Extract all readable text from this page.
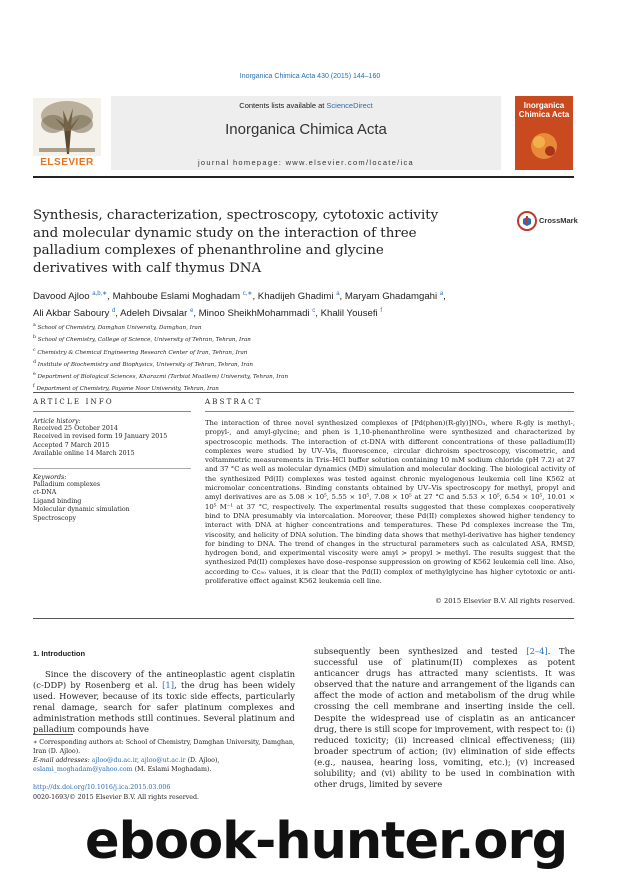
Inorganica Chimica Acta 430 (2015) 144–160
ELSEVIER
Contents lists available at ScienceDirect
Inorganica Chimica Acta
journal homepage: www.elsevier.com/locate/ica
Inorganica Chimica Acta
Synthesis, characterization, spectroscopy, cytotoxic activity and molecular dynamic study on the interaction of three palladium complexes of phenanthroline and glycine derivatives with calf thymus DNA
CrossMark
Davood Ajloo $^{a,b,∗}$, Mahboube Eslami Moghadam $^{c,∗}$, Khadijeh Ghadimi $^a$, Maryam Ghadamgahi $^a$,
Ali Akbar Saboury $^d$, Adeleh Divsalar $^e$, Minoo SheikhMohammadi $^c$, Khalil Yousefi $^f$
$^a$ School of Chemistry, Damghan University, Damghan, Iran
$^b$ School of Chemistry, College of Science, University of Tehran, Tehran, Iran
$^c$ Chemistry & Chemical Engineering Research Center of Iran, Tehran, Iran
$^d$ Institute of Biochemistry and Biophysics, University of Tehran, Tehran, Iran
$^e$ Department of Biological Sciences, Kharazmi (Tarbiat Moallem) University, Tehran, Iran
$^f$ Department of Chemistry, Payame Noor University, Tehran, Iran
ARTICLE INFO	ABSTRACT
Article history:
Received 25 October 2014
Received in revised form 19 January 2015
Accepted 7 March 2015
Available online 14 March 2015
Keywords:
Palladium complexes
ct-DNA
Ligand binding
Molecular dynamic simulation
Spectroscopy
The interaction of three novel synthesized complexes of [Pd(phen)(R-gly)]NO₃, where R-gly is methyl-, propyl-, and amyl-glycine; and phen is 1,10-phenanthroline were synthesized and characterized by spectroscopic methods. The interaction of ct-DNA with different concentrations of these palladium(II) complexes were studied by UV–Vis, fluorescence, circular dichroism spectroscopy, viscometric, and voltammetric measurements in Tris–HCl buffer solution containing 10 mM sodium chloride (pH 7.2) at 27 and 37 °C as well as molecular dynamics (MD) simulation and molecular docking. The biological activity of the synthesized Pd(II) complexes was tested against chronic myelogenous leukemia cell line K562 at micromolar concentrations. Binding constants obtained by UV–Vis spectroscopy for methyl, propyl and amyl derivatives are as 5.08 × 10⁵, 5.55 × 10⁵, 7.08 × 10⁵ at 27 °C and 5.53 × 10⁵, 6.54 × 10⁵, 10.01 × 10⁵ M⁻¹ at 37 °C, respectively. The experimental results suggested that these complexes cooperatively bind to DNA presumably via intercalation. Moreover, these Pd(II) complexes showed higher tendency to interact with DNA at higher concentrations and temperatures. These Pd complexes increase the Tm, viscosity, and helicity of DNA solution. The binding data shows that methyl-derivative has higher tendency for binding to DNA. The trend of changes in the structural parameters such as calculated ASA, RMSD, hydrogen bond, and experimental viscosity were amyl > propyl > methyl. The results suggest that the synthesized Pd(II) complexes have dose–response suppression on growing of K562 leukemia cell line. Also, according to Cc₅₀ values, it is clear that the Pd(II) complex of methylglycine has higher cytotoxic or anti-proliferative effect against K562 leukemia cell line.
© 2015 Elsevier B.V. All rights reserved.
1. Introduction
Since the discovery of the antineoplastic agent cisplatin (c-DDP) by Rosenberg et al. [1], the drug has been widely used. However, because of its toxic side effects, particularly renal damage, search for safer platinum complexes and administration methods still continues. Several platinum and palladium compounds have
subsequently been synthesized and tested [2–4]. The successful use of platinum(II) complexes as potent anticancer drugs has attracted many scientists. It was observed that the nature and arrangement of the ligands can affect the mode of action and metabolism of the drug while crossing the cell membrane and inserting inside the cell. Despite the widespread use of cisplatin as an anticancer drug, there is still scope for improvement, with respect to: (i) reduced toxicity; (ii) increased clinical effectiveness; (iii) broader spectrum of action; (iv) elimination of side effects (e.g., nausea, hearing loss, vomiting, etc.); (v) increased solubility; and (vi) ability to be used in combination with other drugs, limited by severe
∗ Corresponding authors at: School of Chemistry, Damghan University, Damghan, Iran (D. Ajloo).
E-mail addresses: ajloo@du.ac.ir, ajloo@ut.ac.ir (D. Ajloo), eslami_moghadam@yahoo.com (M. Eslami Moghadam).
http://dx.doi.org/10.1016/j.ica.2015.03.006
0020-1693/© 2015 Elsevier B.V. All rights reserved.
ebook-hunter.org
